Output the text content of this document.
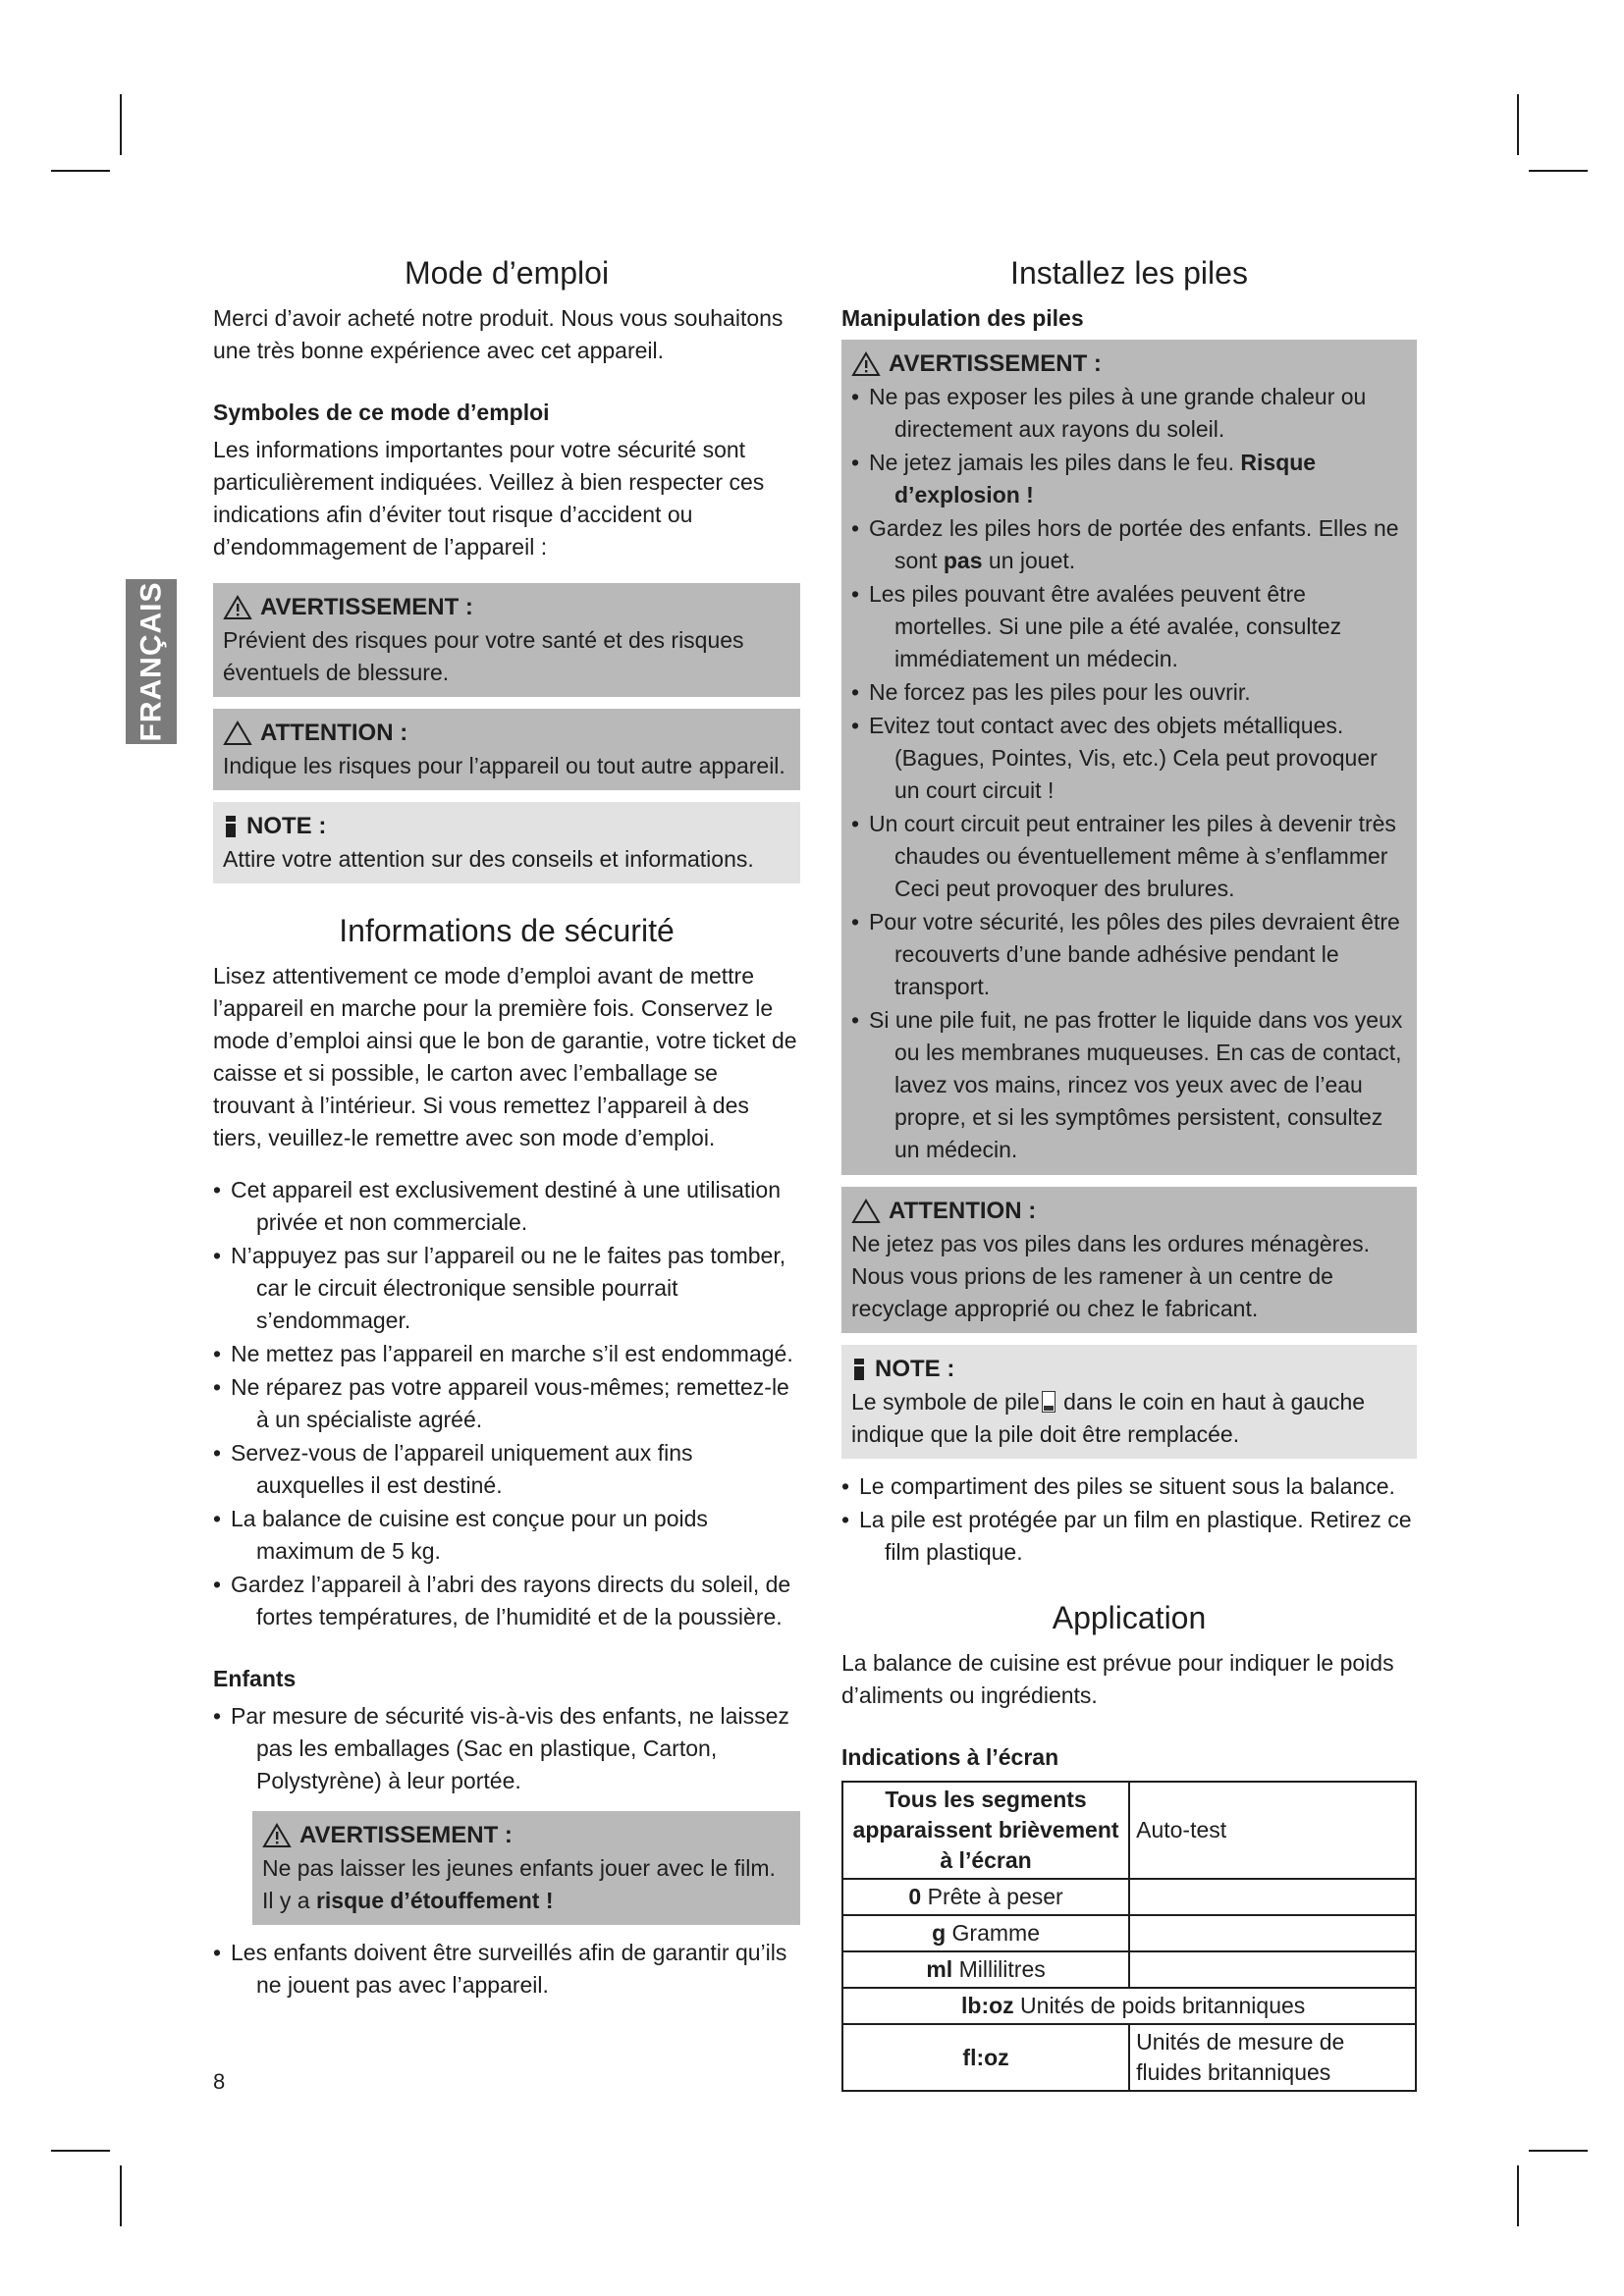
FRANÇAIS
Mode d’emploi

Merci d’avoir acheté notre produit. Nous vous souhaitons une très bonne expérience avec cet appareil.

Symboles de ce mode d’emploi

Les informations importantes pour votre sécurité sont particulièrement indiquées. Veillez à bien respecter ces indications afin d’éviter tout risque d’accident ou d’endommagement de l’appareil :

AVERTISSEMENT :

Prévient des risques pour votre santé et des risques éventuels de blessure.

ATTENTION :

Indique les risques pour l’appareil ou tout autre appareil.

NOTE :

Attire votre attention sur des conseils et informations.

Informations de sécurité

Lisez attentivement ce mode d’emploi avant de mettre l’appareil en marche pour la première fois. Conservez le mode d’emploi ainsi que le bon de garantie, votre ticket de caisse et si possible, le carton avec l’emballage se trouvant à l’intérieur. Si vous remettez l’appareil à des tiers, veuillez-le remettre avec son mode d’emploi.

• Cet appareil est exclusivement destiné à une utilisation privée et non commerciale.
• N’appuyez pas sur l’appareil ou ne le faites pas tomber, car le circuit électronique sensible pourrait s’endommager.
• Ne mettez pas l’appareil en marche s’il est endommagé.
• Ne réparez pas votre appareil vous-mêmes; remettez-le à un spécialiste agréé.
• Servez-vous de l’appareil uniquement aux fins auxquelles il est destiné.
• La balance de cuisine est conçue pour un poids maximum de 5 kg.
• Gardez l’appareil à l’abri des rayons directs du soleil, de fortes températures, de l’humidité et de la poussière.
Enfants
• Par mesure de sécurité vis-à-vis des enfants, ne laissez pas les emballages (Sac en plastique, Carton, Polystyrène) à leur portée.
AVERTISSEMENT :

Ne pas laisser les jeunes enfants jouer avec le film. Il y a risque d’étouffement !

• Les enfants doivent être surveillés afin de garantir qu’ils ne jouent pas avec l’appareil.
Installez les piles
Manipulation des piles
AVERTISSEMENT :
• Ne pas exposer les piles à une grande chaleur ou directement aux rayons du soleil.
• Ne jetez jamais les piles dans le feu. Risque d’explosion !
• Gardez les piles hors de portée des enfants. Elles ne sont pas un jouet.
• Les piles pouvant être avalées peuvent être mortelles. Si une pile a été avalée, consultez immédiatement un médecin.
• Ne forcez pas les piles pour les ouvrir.
• Evitez tout contact avec des objets métalliques. (Bagues, Pointes, Vis, etc.) Cela peut provoquer un court circuit !
• Un court circuit peut entrainer les piles à devenir très chaudes ou éventuellement même à s’enflammer Ceci peut provoquer des brulures.
• Pour votre sécurité, les pôles des piles devraient être recouverts d’une bande adhésive pendant le transport.
• Si une pile fuit, ne pas frotter le liquide dans vos yeux ou les membranes muqueuses. En cas de contact, lavez vos mains, rincez vos yeux avec de l’eau propre, et si les symptômes persistent, consultez un médecin.
ATTENTION :

Ne jetez pas vos piles dans les ordures ménagères. Nous vous prions de les ramener à un centre de recyclage approprié ou chez le fabricant.

NOTE :

Le symbole de pile dans le coin en haut à gauche indique que la pile doit être remplacée.

• Le compartiment des piles se situent sous la balance.
• La pile est protégée par un film en plastique. Retirez ce film plastique.
Application

La balance de cuisine est prévue pour indiquer le poids d’aliments ou ingrédients.

Indications à l’écran
Tous les segments apparaissent brièvement à l’écran	Auto-test
0 Prête à peser	
g Gramme	
ml Millilitres	
lb:oz Unités de poids britanniques	
fl:oz	Unités de mesure de fluides britanniques
8
